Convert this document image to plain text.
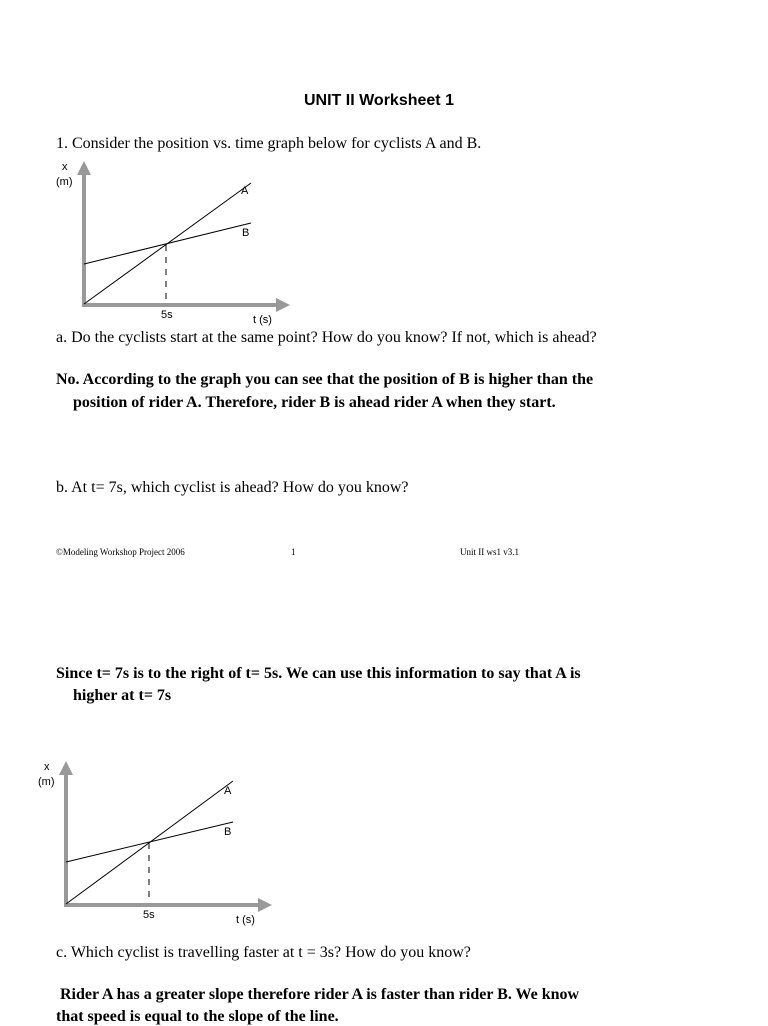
UNIT II Worksheet 1
1. Consider the position vs. time graph below for cyclists A and B.
x
(m)
A
B
5s	t (s)
a. Do the cyclists start at the same point? How do you know? If not, which is ahead?
No. According to the graph you can see that the position of B is higher than the
position of rider A. Therefore, rider B is ahead rider A when they start.
b. At t= 7s, which cyclist is ahead? How do you know?
©Modeling Workshop Project 2006	1	Unit II ws1 v3.1
Since t= 7s is to the right of t= 5s. We can use this information to say that A is
higher at t= 7s
x
(m)
A
B
5s	t (s)
c. Which cyclist is travelling faster at t = 3s? How do you know?
Rider A has a greater slope therefore rider A is faster than rider B. We know
that speed is equal to the slope of the line.
